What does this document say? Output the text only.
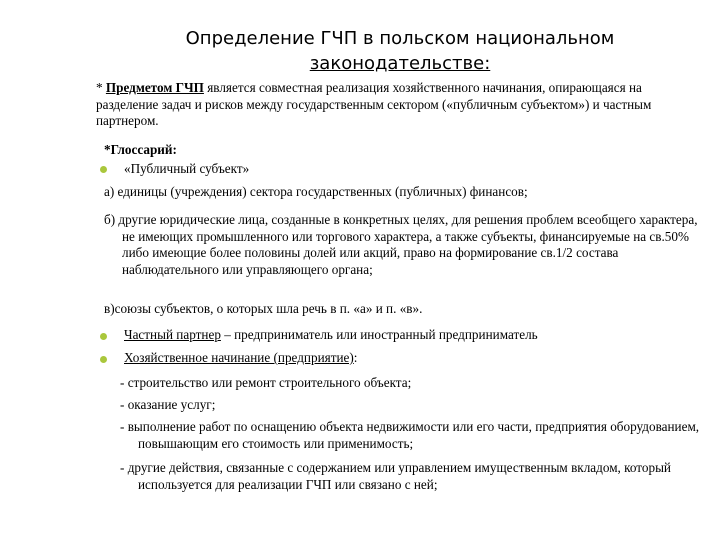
Определение ГЧП в польском национальном
законодательстве:
* Предметом ГЧП является совместная реализация хозяйственного начинания, опирающаяся на разделение задач и рисков между государственным сектором («публичным субъектом») и частным партнером.
*Глоссарий:
«Публичный субъект»
а) единицы (учреждения) сектора государственных (публичных) финансов;
б) другие юридические лица, созданные в конкретных целях, для решения проблем всеобщего характера, не имеющих промышленного или торгового характера, а также субъекты, финансируемые на св.50% либо имеющие более половины долей или акций, право на формирование св.1/2 состава наблюдательного или управляющего органа;
в)союзы субъектов, о которых шла речь в п. «а» и п. «в».
Частный партнер – предприниматель или иностранный предприниматель
Хозяйственное начинание (предприятие):
- строительство или ремонт строительного объекта;
- оказание услуг;
- выполнение работ по оснащению объекта недвижимости или его части, предприятия оборудованием, повышающим его стоимость или применимость;
- другие действия, связанные с содержанием или управлением имущественным вкладом, который используется для реализации ГЧП или связано с ней;
